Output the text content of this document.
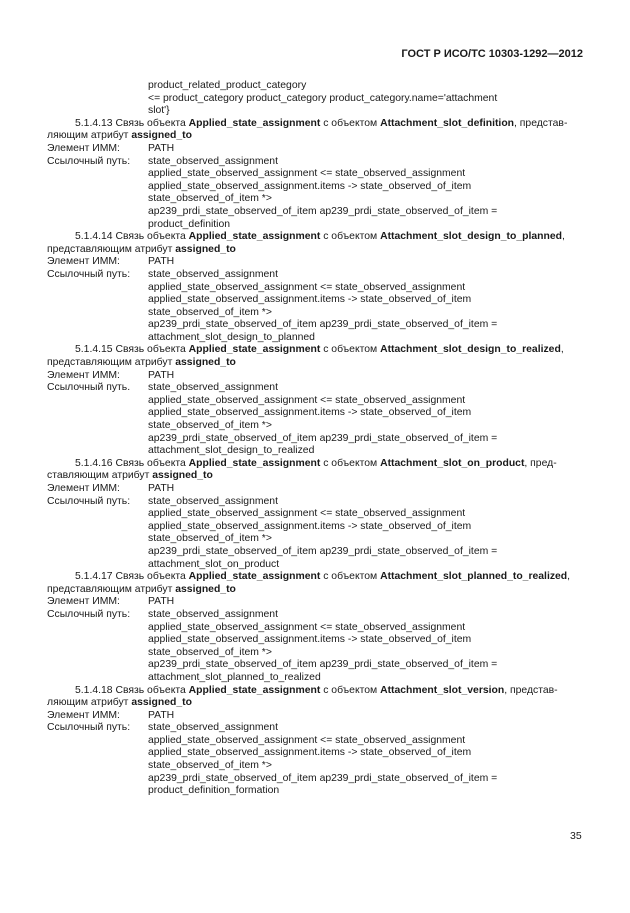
ГОСТ Р ИСО/ТС 10303-1292—2012
product_related_product_category
<= product_category product_category product_category.name='attachment
slot'}
5.1.4.13 Связь объекта Applied_state_assignment с объектом Attachment_slot_definition, представ-
ляющим атрибут assigned_to
Элемент ИММ:	PATH
Ссылочный путь:	state_observed_assignment
applied_state_observed_assignment <= state_observed_assignment
applied_state_observed_assignment.items -> state_observed_of_item
state_observed_of_item *>
ap239_prdi_state_observed_of_item ap239_prdi_state_observed_of_item =
product_definition
5.1.4.14 Связь объекта Applied_state_assignment с объектом Attachment_slot_design_to_planned,
представляющим атрибут assigned_to
Элемент ИММ:	PATH
Ссылочный путь:	state_observed_assignment
applied_state_observed_assignment <= state_observed_assignment
applied_state_observed_assignment.items -> state_observed_of_item
state_observed_of_item *>
ap239_prdi_state_observed_of_item ap239_prdi_state_observed_of_item =
attachment_slot_design_to_planned
5.1.4.15 Связь объекта Applied_state_assignment с объектом Attachment_slot_design_to_realized,
представляющим атрибут assigned_to
Элемент ИММ:	PATH
Ссылочный путь.	state_observed_assignment
applied_state_observed_assignment <= state_observed_assignment
applied_state_observed_assignment.items -> state_observed_of_item
state_observed_of_item *>
ap239_prdi_state_observed_of_item ap239_prdi_state_observed_of_item =
attachment_slot_design_to_realized
5.1.4.16 Связь объекта Applied_state_assignment с объектом Attachment_slot_on_product, пред-
ставляющим атрибут assigned_to
Элемент ИММ:	PATH
Ссылочный путь:	state_observed_assignment
applied_state_observed_assignment <= state_observed_assignment
applied_state_observed_assignment.items -> state_observed_of_item
state_observed_of_item *>
ap239_prdi_state_observed_of_item ap239_prdi_state_observed_of_item =
attachment_slot_on_product
5.1.4.17 Связь объекта Applied_state_assignment с объектом Attachment_slot_planned_to_realized,
представляющим атрибут assigned_to
Элемент ИММ:	PATH
Ссылочный путь:	state_observed_assignment
applied_state_observed_assignment <= state_observed_assignment
applied_state_observed_assignment.items -> state_observed_of_item
state_observed_of_item *>
ap239_prdi_state_observed_of_item ap239_prdi_state_observed_of_item =
attachment_slot_planned_to_realized
5.1.4.18 Связь объекта Applied_state_assignment с объектом Attachment_slot_version, представ-
ляющим атрибут assigned_to
Элемент ИММ:	PATH
Ссылочный путь:	state_observed_assignment
applied_state_observed_assignment <= state_observed_assignment
applied_state_observed_assignment.items -> state_observed_of_item
state_observed_of_item *>
ap239_prdi_state_observed_of_item ap239_prdi_state_observed_of_item =
product_definition_formation
35
